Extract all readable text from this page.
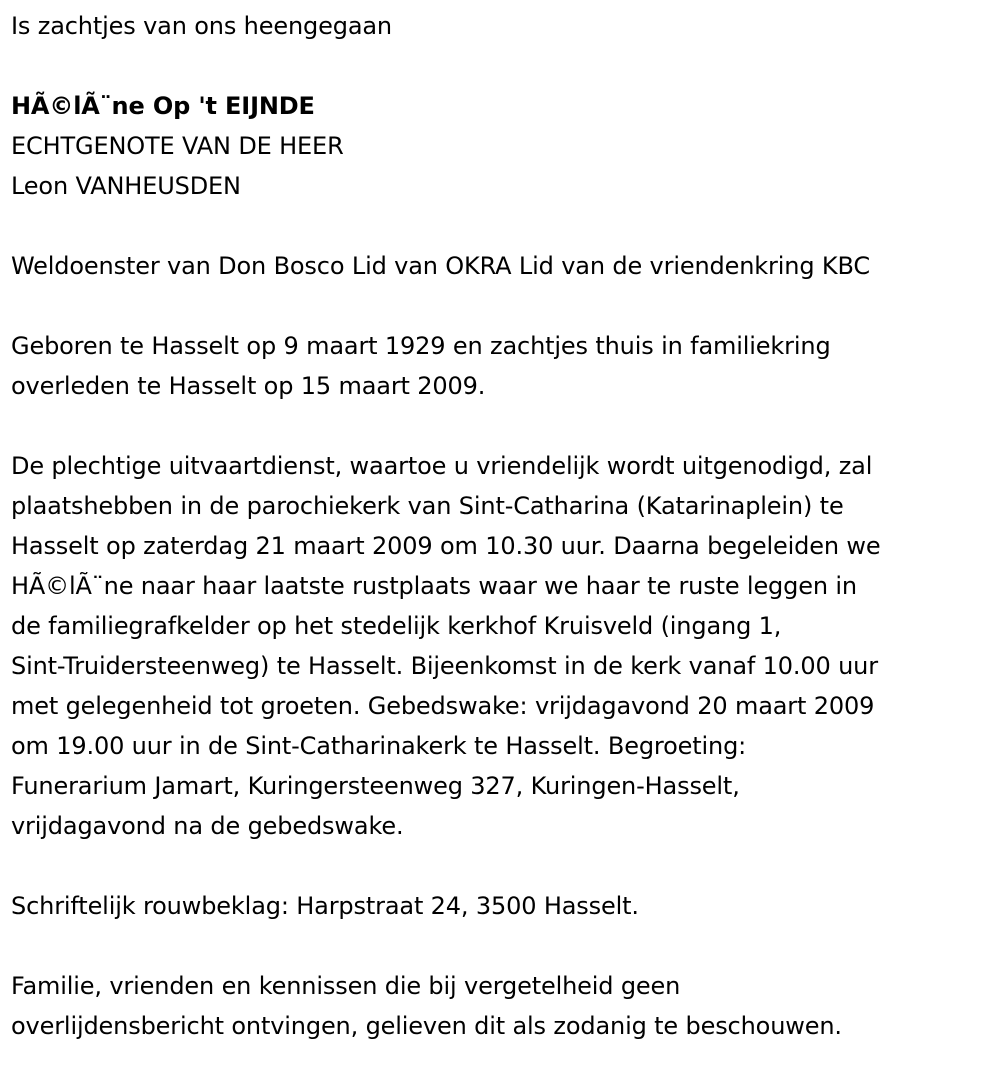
Is zachtjes van ons heengegaan
HÃ©lÃ¨ne Op 't EIJNDE
ECHTGENOTE VAN DE HEER
Leon VANHEUSDEN
Weldoenster van Don Bosco Lid van OKRA Lid van de vriendenkring KBC
Geboren te Hasselt op 9 maart 1929 en zachtjes thuis in familiekring
overleden te Hasselt op 15 maart 2009.
De plechtige uitvaartdienst, waartoe u vriendelijk wordt uitgenodigd, zal
plaatshebben in de parochiekerk van Sint-Catharina (Katarinaplein) te
Hasselt op zaterdag 21 maart 2009 om 10.30 uur. Daarna begeleiden we
HÃ©lÃ¨ne naar haar laatste rustplaats waar we haar te ruste leggen in
de familiegrafkelder op het stedelijk kerkhof Kruisveld (ingang 1,
Sint-Truidersteenweg) te Hasselt. Bijeenkomst in de kerk vanaf 10.00 uur
met gelegenheid tot groeten. Gebedswake: vrijdagavond 20 maart 2009
om 19.00 uur in de Sint-Catharinakerk te Hasselt. Begroeting:
Funerarium Jamart, Kuringersteenweg 327, Kuringen-Hasselt,
vrijdagavond na de gebedswake.
Schriftelijk rouwbeklag: Harpstraat 24, 3500 Hasselt.
Familie, vrienden en kennissen die bij vergetelheid geen
overlijdensbericht ontvingen, gelieven dit als zodanig te beschouwen.
